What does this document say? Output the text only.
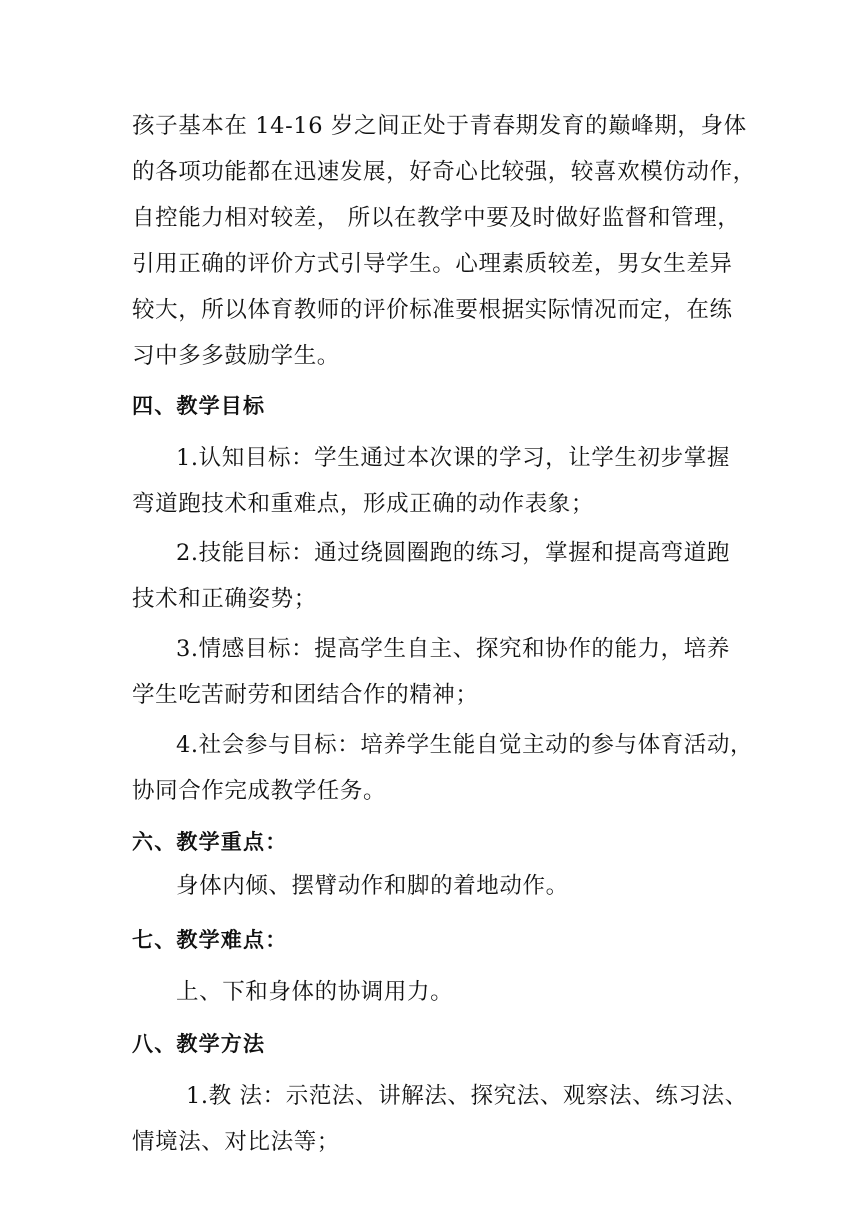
孩子基本在 14-16 岁之间正处于青春期发育的巅峰期，身体
的各项功能都在迅速发展，好奇心比较强，较喜欢模仿动作，
自控能力相对较差， 所以在教学中要及时做好监督和管理，
引用正确的评价方式引导学生。心理素质较差，男女生差异
较大，所以体育教师的评价标准要根据实际情况而定，在练
习中多多鼓励学生。
四、教学目标
1.认知目标：学生通过本次课的学习，让学生初步掌握
弯道跑技术和重难点，形成正确的动作表象；
2.技能目标：通过绕圆圈跑的练习，掌握和提高弯道跑
技术和正确姿势；
3.情感目标：提高学生自主、探究和协作的能力，培养
学生吃苦耐劳和团结合作的精神；
4.社会参与目标：培养学生能自觉主动的参与体育活动，
协同合作完成教学任务。
六、教学重点：
身体内倾、摆臂动作和脚的着地动作。
七、教学难点：
上、下和身体的协调用力。
八、教学方法
1.教 法：示范法、讲解法、探究法、观察法、练习法、
情境法、对比法等；
